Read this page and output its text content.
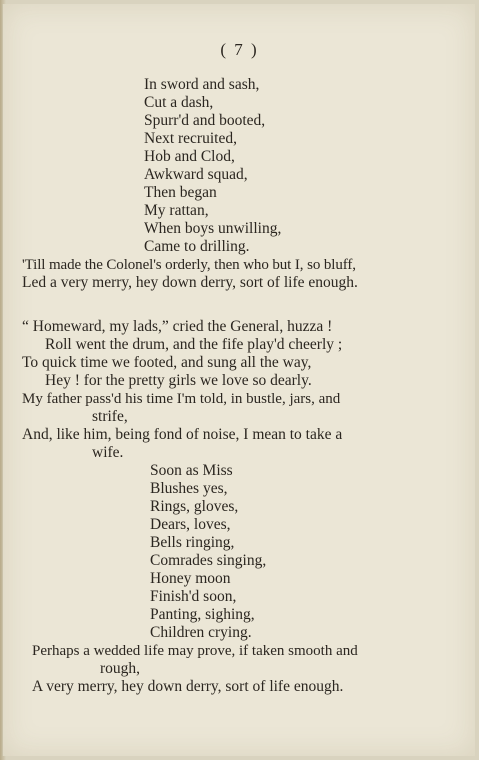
( 7 )
In sword and sash,
Cut a dash,
Spurr'd and booted,
Next recruited,
Hob and Clod,
Awkward squad,
Then began
My rattan,
When boys unwilling,
Came to drilling.
'Till made the Colonel's orderly, then who but I, so bluff,
Led a very merry, hey down derry, sort of life enough.
“ Homeward, my lads,” cried the General, huzza !
Roll went the drum, and the fife play'd cheerly ;
To quick time we footed, and sung all the way,
Hey ! for the pretty girls we love so dearly.
My father pass'd his time I'm told, in bustle, jars, and
strife,
And, like him, being fond of noise, I mean to take a
wife.
Soon as Miss
Blushes yes,
Rings, gloves,
Dears, loves,
Bells ringing,
Comrades singing,
Honey moon
Finish'd soon,
Panting, sighing,
Children crying.
Perhaps a wedded life may prove, if taken smooth and
rough,
A very merry, hey down derry, sort of life enough.
